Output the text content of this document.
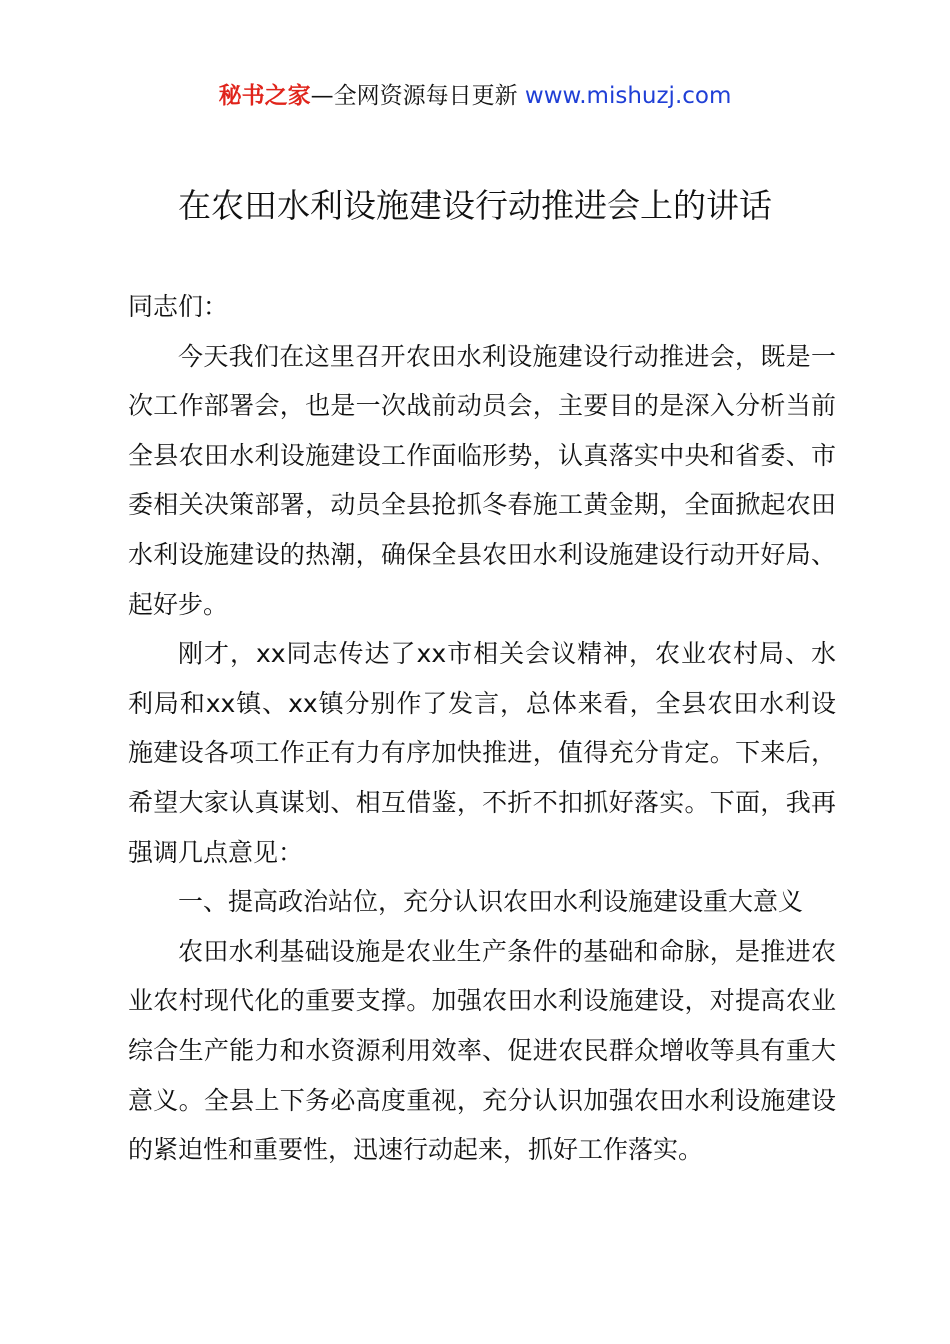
秘书之家—全网资源每日更新 www.mishuzj.com
在农田水利设施建设行动推进会上的讲话

同志们：

今天我们在这里召开农田水利设施建设行动推进会，既是一次工作部署会，也是一次战前动员会，主要目的是深入分析当前全县农田水利设施建设工作面临形势，认真落实中央和省委、市委相关决策部署，动员全县抢抓冬春施工黄金期，全面掀起农田水利设施建设的热潮，确保全县农田水利设施建设行动开好局、起好步。

刚才，xx同志传达了xx市相关会议精神，农业农村局、水利局和xx镇、xx镇分别作了发言，总体来看，全县农田水利设施建设各项工作正有力有序加快推进，值得充分肯定。下来后，希望大家认真谋划、相互借鉴，不折不扣抓好落实。下面，我再强调几点意见：

一、提高政治站位，充分认识农田水利设施建设重大意义

农田水利基础设施是农业生产条件的基础和命脉，是推进农业农村现代化的重要支撑。加强农田水利设施建设，对提高农业综合生产能力和水资源利用效率、促进农民群众增收等具有重大意义。全县上下务必高度重视，充分认识加强农田水利设施建设的紧迫性和重要性，迅速行动起来，抓好工作落实。
